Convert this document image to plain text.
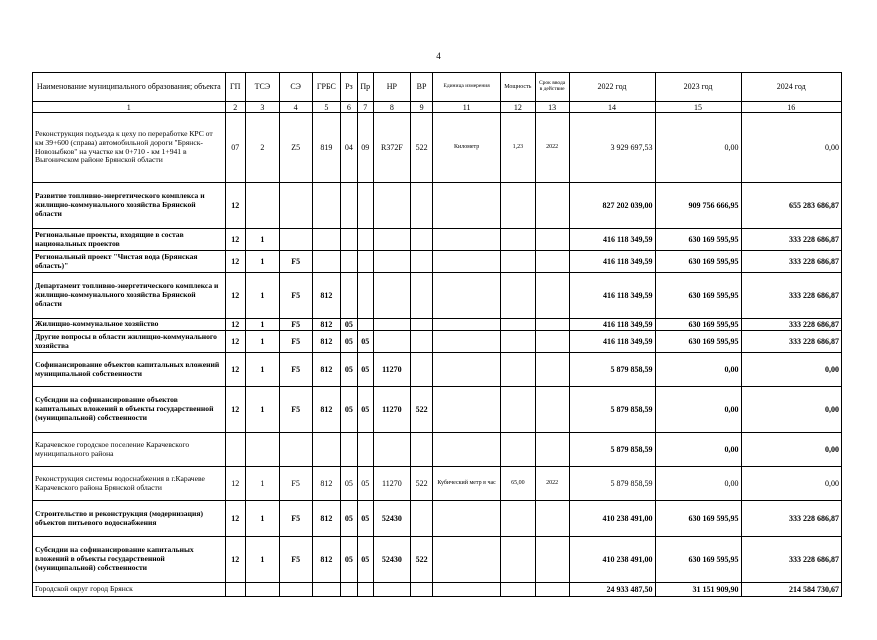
4
Наименование муниципального образования; объекта	ГП	ТСЭ	СЭ	ГРБС	Рз	Пр	НР	ВР	Единица измерения	Мощность	Срок ввода в действие	2022 год	2023 год	2024 год
1	2	3	4	5	6	7	8	9	11	12	13	14	15	16
Реконструкция подъезда к цеху по переработке КРС от км 39+600 (справа) автомобильной дороги "Брянск-Новозыбков" на участке км 0+710 - км 1+941 в Выгоничском районе Брянской области	07	2	Z5	819	04	09	R372F	522	Километр	1,23	2022	3 929 697,53	0,00	0,00
Развитие топливно-энергетического комплекса и жилищно-коммунального хозяйства Брянской области	12											827 202 039,00	909 756 666,95	655 283 686,87
Региональные проекты, входящие в состав национальных проектов	12	1										416 118 349,59	630 169 595,95	333 228 686,87
Региональный проект "Чистая вода (Брянская область)"	12	1	F5									416 118 349,59	630 169 595,95	333 228 686,87
Департамент топливно-энергетического комплекса и жилищно-коммунального хозяйства Брянской области	12	1	F5	812								416 118 349,59	630 169 595,95	333 228 686,87
Жилищно-коммунальное хозяйство	12	1	F5	812	05							416 118 349,59	630 169 595,95	333 228 686,87
Другие вопросы в области жилищно-коммунального хозяйства	12	1	F5	812	05	05						416 118 349,59	630 169 595,95	333 228 686,87
Софинансирование объектов капитальных вложений муниципальной собственности	12	1	F5	812	05	05	11270					5 879 858,59	0,00	0,00
Субсидии на софинансирование объектов капитальных вложений в объекты государственной (муниципальной) собственности	12	1	F5	812	05	05	11270	522				5 879 858,59	0,00	0,00
Карачевское городское поселение Карачевского муниципального района												5 879 858,59	0,00	0,00
Реконструкция системы водоснабжения в г.Карачеве Карачевского района Брянской области	12	1	F5	812	05	05	11270	522	Кубический метр в час	65,00	2022	5 879 858,59	0,00	0,00
Строительство и реконструкция (модернизация) объектов питьевого водоснабжения	12	1	F5	812	05	05	52430					410 238 491,00	630 169 595,95	333 228 686,87
Субсидии на софинансирование капитальных вложений в объекты государственной (муниципальной) собственности	12	1	F5	812	05	05	52430	522				410 238 491,00	630 169 595,95	333 228 686,87
Городской округ город Брянск												24 933 487,50	31 151 909,90	214 584 730,67
